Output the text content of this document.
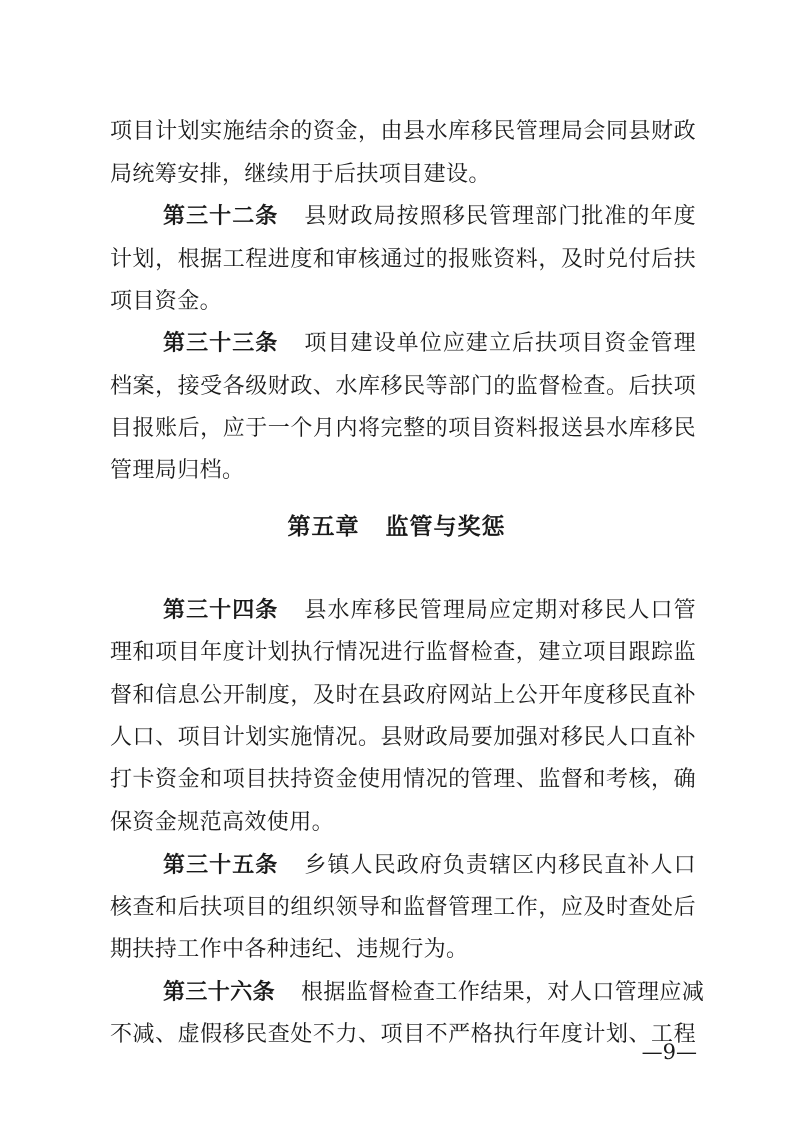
项目计划实施结余的资金，由县水库移民管理局会同县财政
局统筹安排，继续用于后扶项目建设。
第三十二条 县财政局按照移民管理部门批准的年度
计划，根据工程进度和审核通过的报账资料，及时兑付后扶
项目资金。
第三十三条 项目建设单位应建立后扶项目资金管理
档案，接受各级财政、水库移民等部门的监督检查。后扶项
目报账后，应于一个月内将完整的项目资料报送县水库移民
管理局归档。
第五章 监管与奖惩
第三十四条 县水库移民管理局应定期对移民人口管
理和项目年度计划执行情况进行监督检查，建立项目跟踪监
督和信息公开制度，及时在县政府网站上公开年度移民直补
人口、项目计划实施情况。县财政局要加强对移民人口直补
打卡资金和项目扶持资金使用情况的管理、监督和考核，确
保资金规范高效使用。
第三十五条 乡镇人民政府负责辖区内移民直补人口
核查和后扶项目的组织领导和监督管理工作，应及时查处后
期扶持工作中各种违纪、违规行为。
第三十六条 根据监督检查工作结果，对人口管理应减
不减、虚假移民查处不力、项目不严格执行年度计划、工程
—9—
